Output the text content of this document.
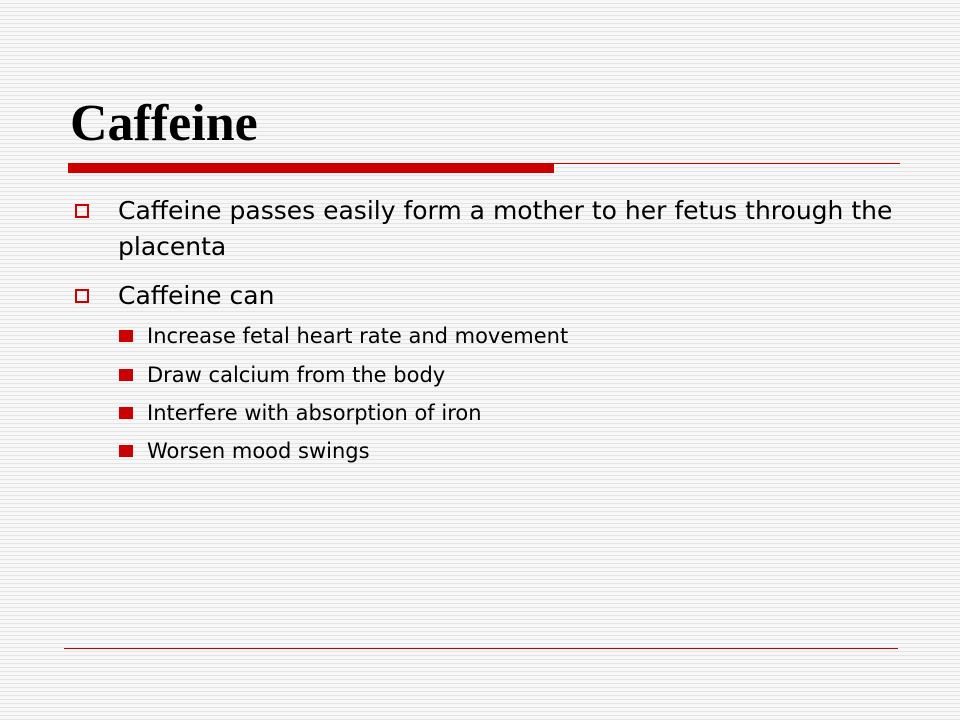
Caffeine
Caffeine passes easily form a mother to her fetus through the placenta
Caffeine can
Increase fetal heart rate and movement
Draw calcium from the body
Interfere with absorption of iron
Worsen mood swings
